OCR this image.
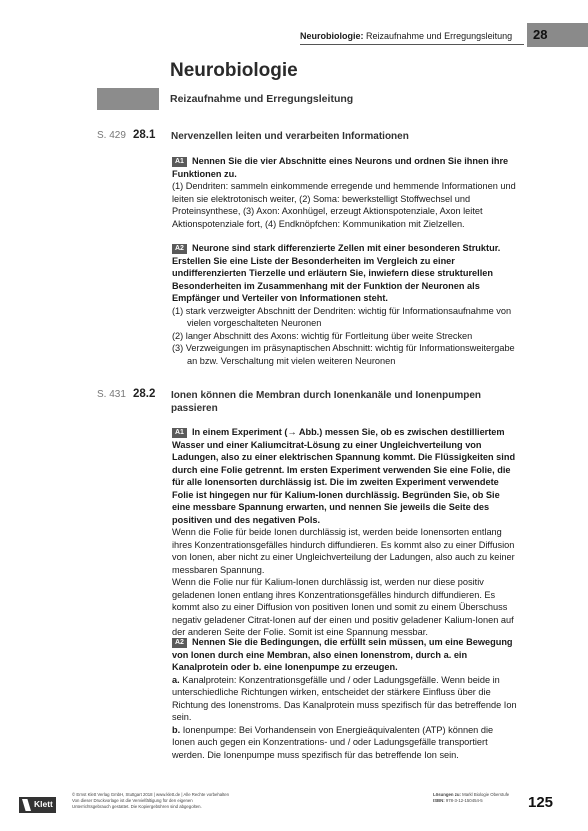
Neurobiologie: Reizaufnahme und Erregungsleitung	28
Neurobiologie
Reizaufnahme und Erregungsleitung
S. 429 28.1 Nervenzellen leiten und verarbeiten Informationen

A1 Nennen Sie die vier Abschnitte eines Neurons und ordnen Sie ihnen ihre Funktionen zu.

(1) Dendriten: sammeln einkommende erregende und hemmende Informationen und leiten sie elektrotonisch weiter, (2) Soma: bewerkstelligt Stoffwechsel und Proteinsynthese, (3) Axon: Axonhügel, erzeugt Aktionspotenziale, Axon leitet Aktionspotenziale fort, (4) Endknöpfchen: Kommunikation mit Zielzellen.

A2 Neurone sind stark differenzierte Zellen mit einer besonderen Struktur. Erstellen Sie eine Liste der Besonderheiten im Vergleich zu einer undifferenzierten Tierzelle und erläutern Sie, inwiefern diese strukturellen Besonderheiten im Zusammenhang mit der Funktion der Neuronen als Empfänger und Verteiler von Informationen steht.

(1) stark verzweigter Abschnitt der Dendriten: wichtig für Informationsaufnahme von vielen vorgeschalteten Neuronen

(2) langer Abschnitt des Axons: wichtig für Fortleitung über weite Strecken

(3) Verzweigungen im präsynaptischen Abschnitt: wichtig für Informationsweitergabe an bzw. Verschaltung mit vielen weiteren Neuronen

S. 431 28.2 Ionen können die Membran durch Ionenkanäle und Ionenpumpen passieren

A1 In einem Experiment (→ Abb.) messen Sie, ob es zwischen destilliertem Wasser und einer Kaliumcitrat-Lösung zu einer Ungleichverteilung von Ladungen, also zu einer elektrischen Spannung kommt. Die Flüssigkeiten sind durch eine Folie getrennt. Im ersten Experiment verwenden Sie eine Folie, die für alle Ionensorten durchlässig ist. Die im zweiten Experiment verwendete Folie ist hingegen nur für Kalium-Ionen durchlässig. Begründen Sie, ob Sie eine messbare Spannung erwarten, und nennen Sie jeweils die Seite des positiven und des negativen Pols.

Wenn die Folie für beide Ionen durchlässig ist, werden beide Ionensorten entlang ihres Konzentrationsgefälles hindurch diffundieren. Es kommt also zu einer Diffusion von Ionen, aber nicht zu einer Ungleichverteilung der Ladungen, also auch zu keiner messbaren Spannung.

Wenn die Folie nur für Kalium-Ionen durchlässig ist, werden nur diese positiv geladenen Ionen entlang ihres Konzentrationsgefälles hindurch diffundieren. Es kommt also zu einer Diffusion von positiven Ionen und somit zu einem Überschuss negativ geladener Citrat-Ionen auf der einen und positiv geladener Kalium-Ionen auf der anderen Seite der Folie. Somit ist eine Spannung messbar.

A2 Nennen Sie die Bedingungen, die erfüllt sein müssen, um eine Bewegung von Ionen durch eine Membran, also einen Ionenstrom, durch a. ein Kanalprotein oder b. eine Ionenpumpe zu erzeugen.

a. Kanalprotein: Konzentrationsgefälle und / oder Ladungsgefälle. Wenn beide in unterschiedliche Richtungen wirken, entscheidet der stärkere Einfluss über die Richtung des Ionenstroms. Das Kanalprotein muss spezifisch für das betreffende Ion sein.

b. Ionenpumpe: Bei Vorhandensein von Energieäquivalenten (ATP) können die Ionen auch gegen ein Konzentrations- und / oder Ladungsgefälle transportiert werden. Die Ionenpumpe muss spezifisch für das betreffende Ion sein.

Klett
© Ernst Klett Verlag GmbH, Stuttgart 2018 | www.klett.de | Alle Rechte vorbehalten
Von dieser Druckvorlage ist die Vervielfältigung für den eigenen
Unterrichtsgebrauch gestattet. Die Kopiergebühren sind abgegolten.
Lösungen zu: Markl Biologie Oberstufe
ISBN: 978-3-12-150454-5	125
